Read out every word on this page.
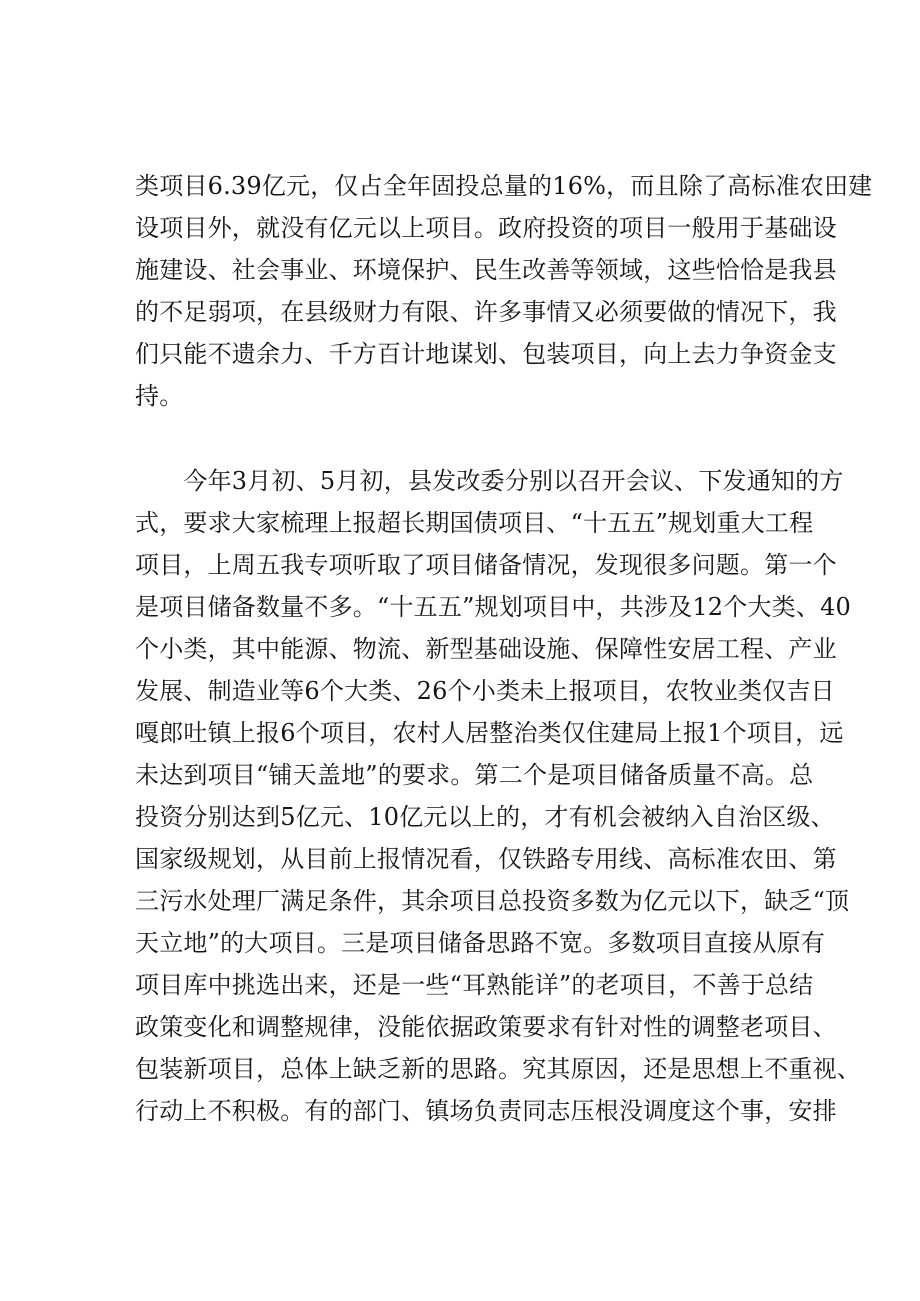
类项目6.39亿元，仅占全年固投总量的16%，而且除了高标准农田建
设项目外，就没有亿元以上项目。政府投资的项目一般用于基础设
施建设、社会事业、环境保护、民生改善等领域，这些恰恰是我县
的不足弱项，在县级财力有限、许多事情又必须要做的情况下，我
们只能不遗余力、千方百计地谋划、包装项目，向上去力争资金支
持。
　　今年3月初、5月初，县发改委分别以召开会议、下发通知的方
式，要求大家梳理上报超长期国债项目、“十五五”规划重大工程
项目，上周五我专项听取了项目储备情况，发现很多问题。第一个
是项目储备数量不多。“十五五”规划项目中，共涉及12个大类、40
个小类，其中能源、物流、新型基础设施、保障性安居工程、产业
发展、制造业等6个大类、26个小类未上报项目，农牧业类仅吉日
嘎郎吐镇上报6个项目，农村人居整治类仅住建局上报1个项目，远
未达到项目“铺天盖地”的要求。第二个是项目储备质量不高。总
投资分别达到5亿元、10亿元以上的，才有机会被纳入自治区级、
国家级规划，从目前上报情况看，仅铁路专用线、高标准农田、第
三污水处理厂满足条件，其余项目总投资多数为亿元以下，缺乏“顶
天立地”的大项目。三是项目储备思路不宽。多数项目直接从原有
项目库中挑选出来，还是一些“耳熟能详”的老项目，不善于总结
政策变化和调整规律，没能依据政策要求有针对性的调整老项目、
包装新项目，总体上缺乏新的思路。究其原因，还是思想上不重视、
行动上不积极。有的部门、镇场负责同志压根没调度这个事，安排
